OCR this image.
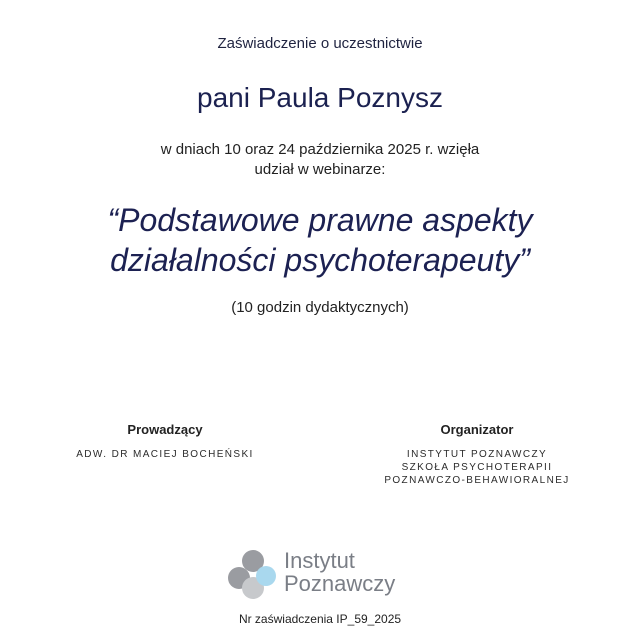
Zaświadczenie o uczestnictwie
pani Paula Poznysz
w dniach 10 oraz 24 października 2025 r. wzięła
udział w webinarze:
“Podstawowe prawne aspekty
działalności psychoterapeuty”
(10 godzin dydaktycznych)
Prowadzący
ADW. DR MACIEJ BOCHEŃSKI
Organizator
INSTYTUT POZNAWCZY
SZKOŁA PSYCHOTERAPII
POZNAWCZO-BEHAWIORALNEJ
Instytut
Poznawczy
Nr zaświadczenia IP_59_2025
